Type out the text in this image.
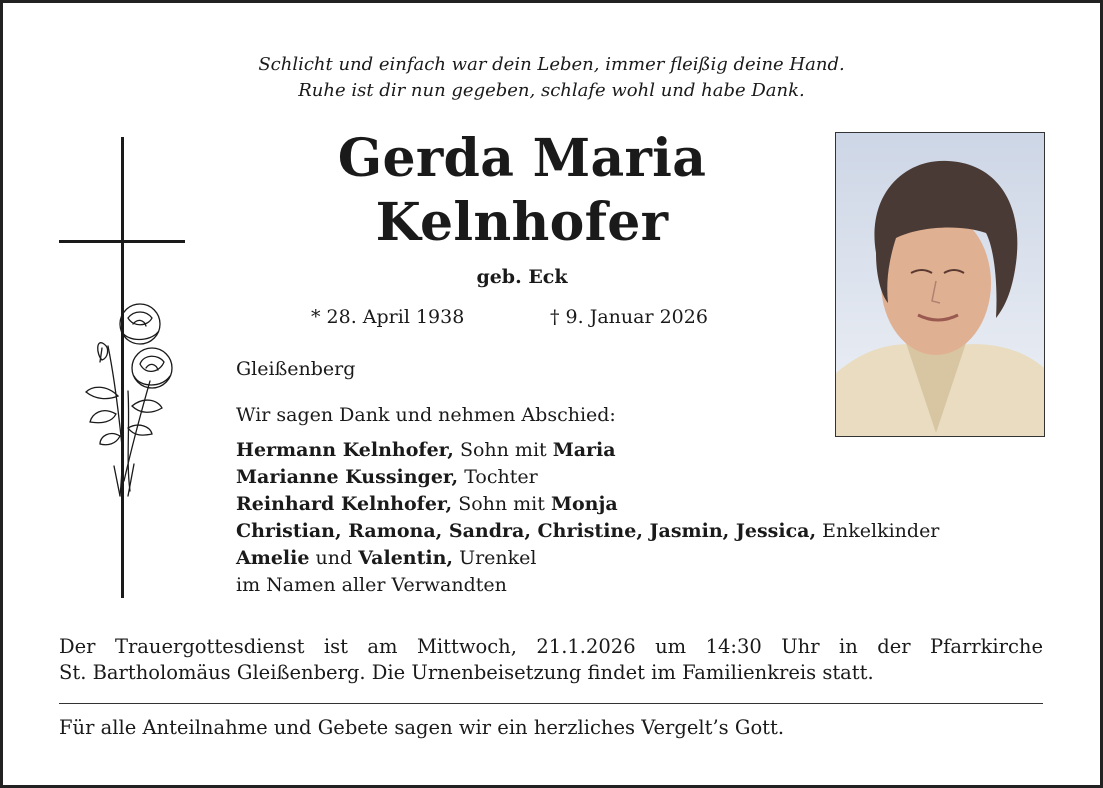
Schlicht und einfach war dein Leben, immer fleißig deine Hand.
Ruhe ist dir nun gegeben, schlafe wohl und habe Dank.
Gerda Maria
Kelnhofer
geb. Eck
* 28. April 1938	† 9. Januar 2026
Gleißenberg
Wir sagen Dank und nehmen Abschied:
Hermann Kelnhofer, Sohn mit Maria
Marianne Kussinger, Tochter
Reinhard Kelnhofer, Sohn mit Monja
Christian, Ramona, Sandra, Christine, Jasmin, Jessica, Enkelkinder
Amelie und Valentin, Urenkel
im Namen aller Verwandten
Der Trauergottesdienst ist am Mittwoch, 21.1.2026 um 14:30 Uhr in der Pfarrkirche
St. Bartholomäus Gleißenberg. Die Urnenbeisetzung findet im Familienkreis statt.
Für alle Anteilnahme und Gebete sagen wir ein herzliches Vergelt’s Gott.
